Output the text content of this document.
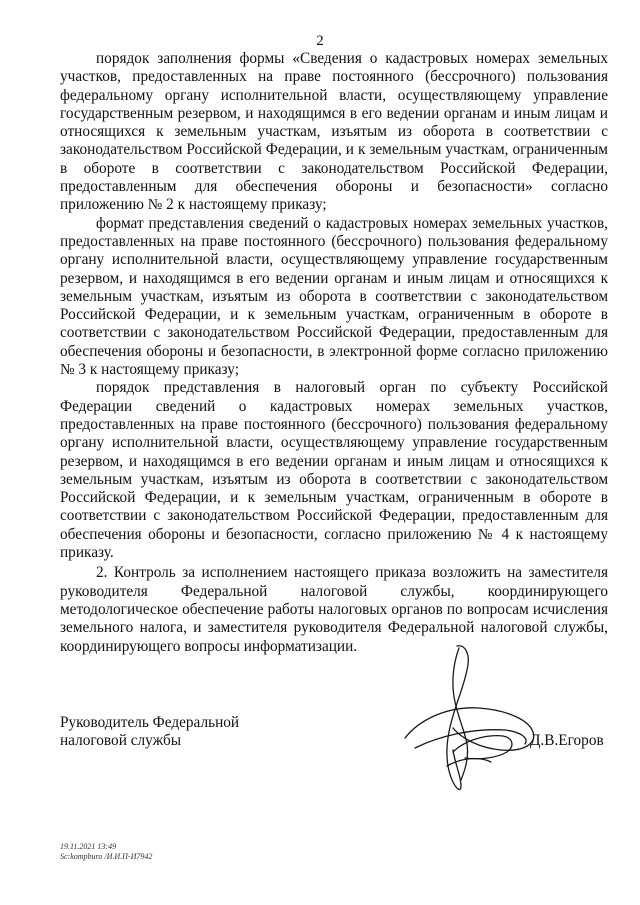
2

порядок заполнения формы «Сведения о кадастровых номерах земельных участков, предоставленных на праве постоянного (бессрочного) пользования федеральному органу исполнительной власти, осуществляющему управление государственным резервом, и находящимся в его ведении органам и иным лицам и относящихся к земельным участкам, изъятым из оборота в соответствии с законодательством Российской Федерации, и к земельным участкам, ограниченным в обороте в соответствии с законодательством Российской Федерации, предоставленным для обеспечения обороны и безопасности» согласно приложению № 2 к настоящему приказу;

формат представления сведений о кадастровых номерах земельных участков, предоставленных на праве постоянного (бессрочного) пользования федеральному органу исполнительной власти, осуществляющему управление государственным резервом, и находящимся в его ведении органам и иным лицам и относящихся к земельным участкам, изъятым из оборота в соответствии с законодательством Российской Федерации, и к земельным участкам, ограниченным в обороте в соответствии с законодательством Российской Федерации, предоставленным для обеспечения обороны и безопасности, в электронной форме согласно приложению № 3 к настоящему приказу;

порядок представления в налоговый орган по субъекту Российской Федерации сведений о кадастровых номерах земельных участков, предоставленных на праве постоянного (бессрочного) пользования федеральному органу исполнительной власти, осуществляющему управление государственным резервом, и находящимся в его ведении органам и иным лицам и относящихся к земельным участкам, изъятым из оборота в соответствии с законодательством Российской Федерации, и к земельным участкам, ограниченным в обороте в соответствии с законодательством Российской Федерации, предоставленным для обеспечения обороны и безопасности, согласно приложению № 4 к настоящему приказу.

2. Контроль за исполнением настоящего приказа возложить на заместителя руководителя Федеральной налоговой службы, координирующего методологическое обеспечение работы налоговых органов по вопросам исчисления земельного налога, и заместителя руководителя Федеральной налоговой службы, координирующего вопросы информатизации.

Руководитель Федеральной
налоговой службы	Д.В.Егоров
19.11.2021 13:49
Sc:kompburo /И.И.П-И7942
